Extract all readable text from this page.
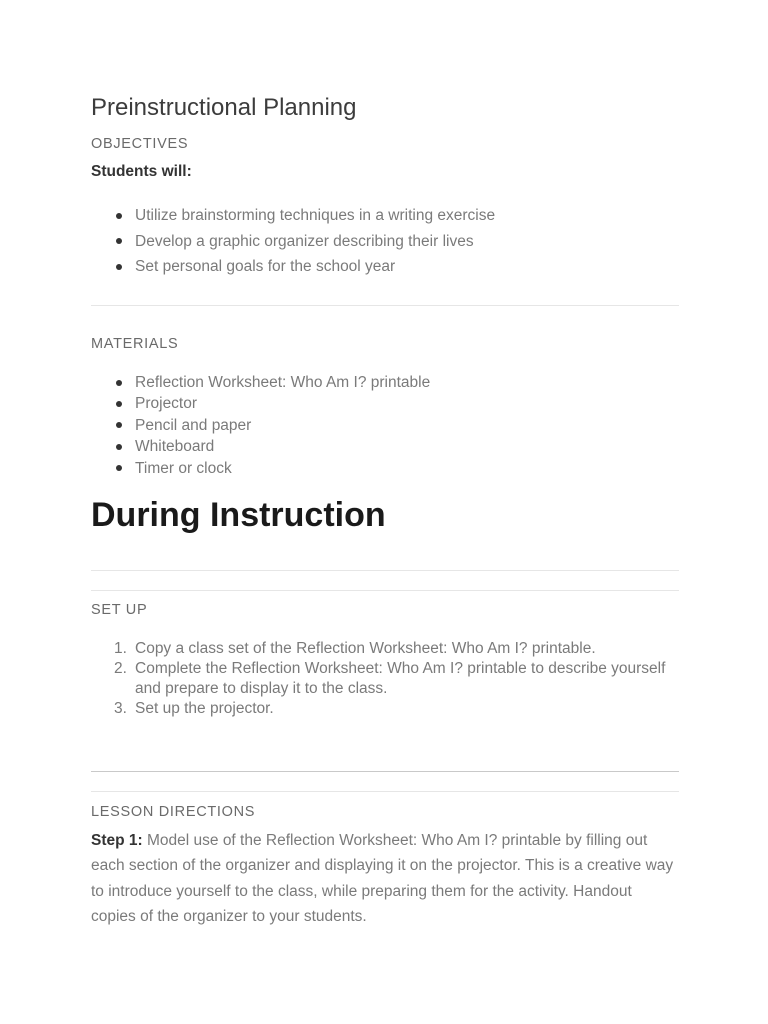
Preinstructional Planning
OBJECTIVES
Students will:
Utilize brainstorming techniques in a writing exercise
Develop a graphic organizer describing their lives
Set personal goals for the school year
MATERIALS
Reflection Worksheet: Who Am I? printable
Projector
Pencil and paper
Whiteboard
Timer or clock
During Instruction
SET UP
1. Copy a class set of the Reflection Worksheet: Who Am I? printable.
2. Complete the Reflection Worksheet: Who Am I? printable to describe yourself and prepare to display it to the class.
3. Set up the projector.
LESSON DIRECTIONS

Step 1: Model use of the Reflection Worksheet: Who Am I? printable by filling out each section of the organizer and displaying it on the projector. This is a creative way to introduce yourself to the class, while preparing them for the activity. Handout copies of the organizer to your students.
